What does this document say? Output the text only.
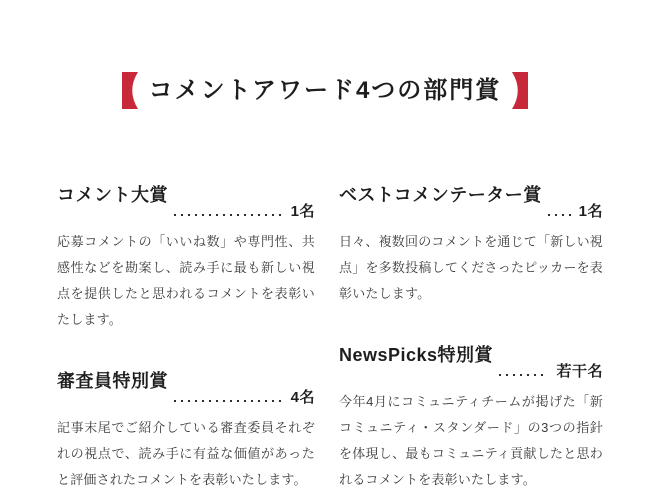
コメントアワード4つの部門賞
コメント大賞
1名

応募コメントの「いいね数」や専門性、共感性などを勘案し、読み手に最も新しい視点を提供したと思われるコメントを表彰いたします。

審査員特別賞
4名

記事末尾でご紹介している審査委員それぞれの視点で、読み手に有益な価値があったと評価されたコメントを表彰いたします。

ベストコメンテーター賞
1名

日々、複数回のコメントを通じて「新しい視点」を多数投稿してくださったピッカーを表彰いたします。

NewsPicks特別賞
若干名

今年4月にコミュニティチームが掲げた「新コミュニティ・スタンダード」の3つの指針を体現し、最もコミュニティ貢献したと思われるコメントを表彰いたします。
